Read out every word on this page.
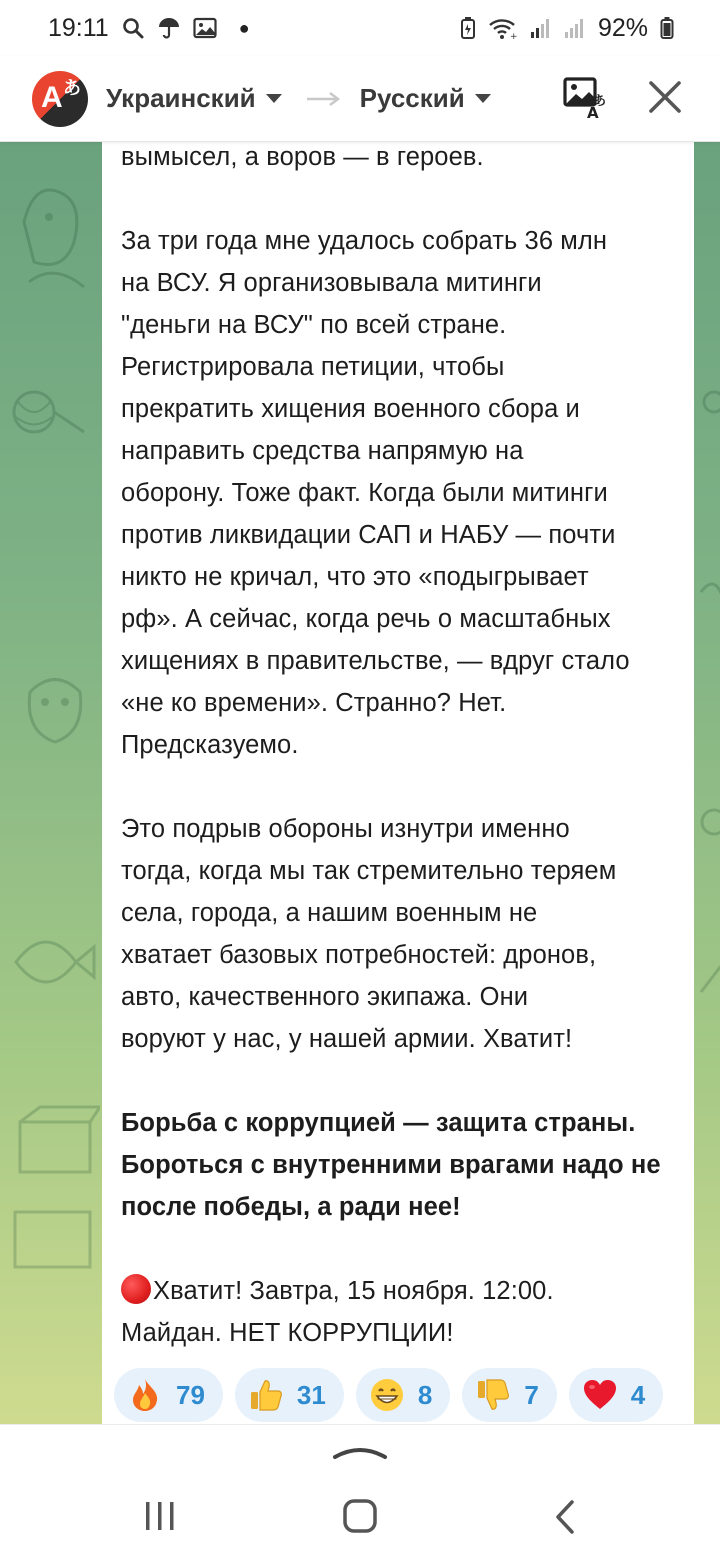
19:11	●	+	92%
A あ Украинский	Русский	あ
A
вымысел, а воров — в героев.
За три года мне удалось собрать 36 млн
на ВСУ. Я организовывала митинги
"деньги на ВСУ" по всей стране.
Регистрировала петиции, чтобы
прекратить хищения военного сбора и
направить средства напрямую на
оборону. Тоже факт. Когда были митинги
против ликвидации САП и НАБУ — почти
никто не кричал, что это «подыгрывает
рф». А сейчас, когда речь о масштабных
хищениях в правительстве, — вдруг стало
«не ко времени». Странно? Нет.
Предсказуемо.
Это подрыв обороны изнутри именно
тогда, когда мы так стремительно теряем
села, города, а нашим военным не
хватает базовых потребностей: дронов,
авто, качественного экипажа. Они
воруют у нас, у нашей армии. Хватит!
Борьба с коррупцией — защита страны.
Бороться с внутренними врагами надо не
после победы, а ради нее!
Хватит! Завтра, 15 ноября. 12:00.
Майдан. НЕТ КОРРУПЦИИ!
79	31	8	7	4
